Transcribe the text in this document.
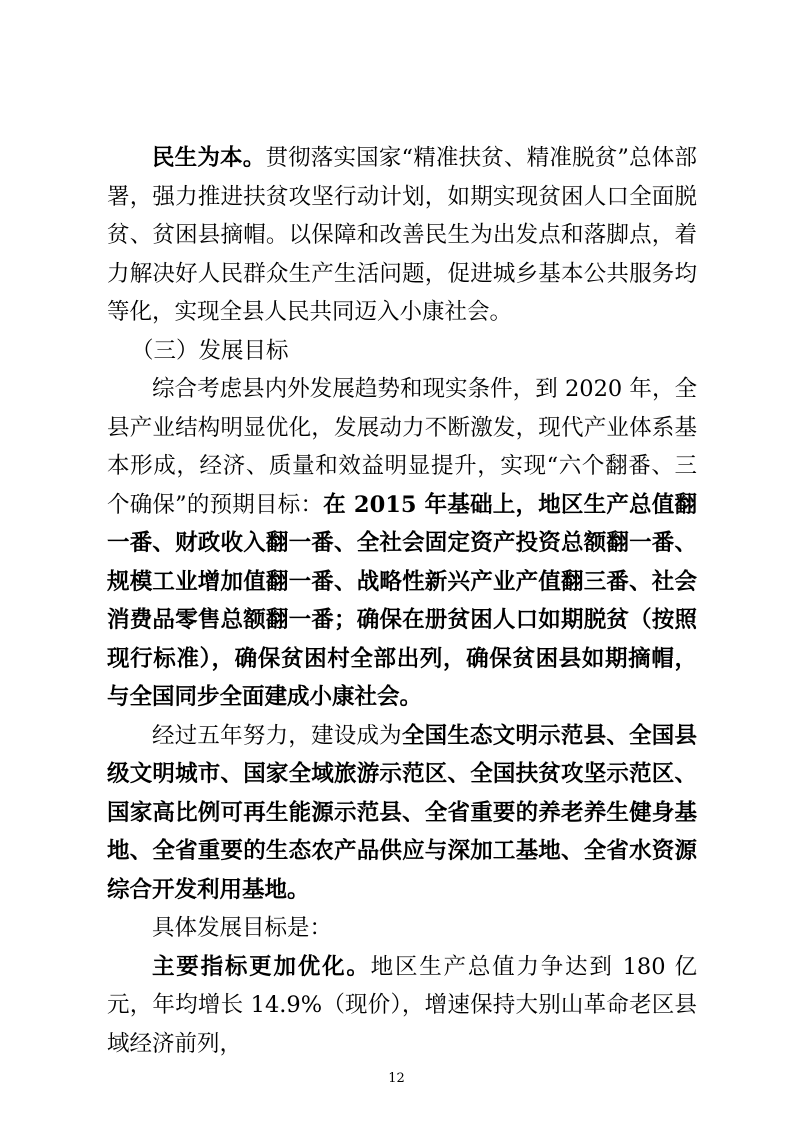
民生为本。贯彻落实国家“精准扶贫、精准脱贫”总体部署，强力推进扶贫攻坚行动计划，如期实现贫困人口全面脱贫、贫困县摘帽。以保障和改善民生为出发点和落脚点，着力解决好人民群众生产生活问题，促进城乡基本公共服务均等化，实现全县人民共同迈入小康社会。

（三）发展目标

综合考虑县内外发展趋势和现实条件，到 2020 年，全县产业结构明显优化，发展动力不断激发，现代产业体系基本形成，经济、质量和效益明显提升，实现“六个翻番、三个确保”的预期目标：在 2015 年基础上，地区生产总值翻一番、财政收入翻一番、全社会固定资产投资总额翻一番、规模工业增加值翻一番、战略性新兴产业产值翻三番、社会消费品零售总额翻一番；确保在册贫困人口如期脱贫（按照现行标准），确保贫困村全部出列，确保贫困县如期摘帽，与全国同步全面建成小康社会。

经过五年努力，建设成为全国生态文明示范县、全国县级文明城市、国家全域旅游示范区、全国扶贫攻坚示范区、国家高比例可再生能源示范县、全省重要的养老养生健身基地、全省重要的生态农产品供应与深加工基地、全省水资源综合开发利用基地。

具体发展目标是：

主要指标更加优化。地区生产总值力争达到 180 亿元，年均增长 14.9%（现价），增速保持大别山革命老区县域经济前列，

12
